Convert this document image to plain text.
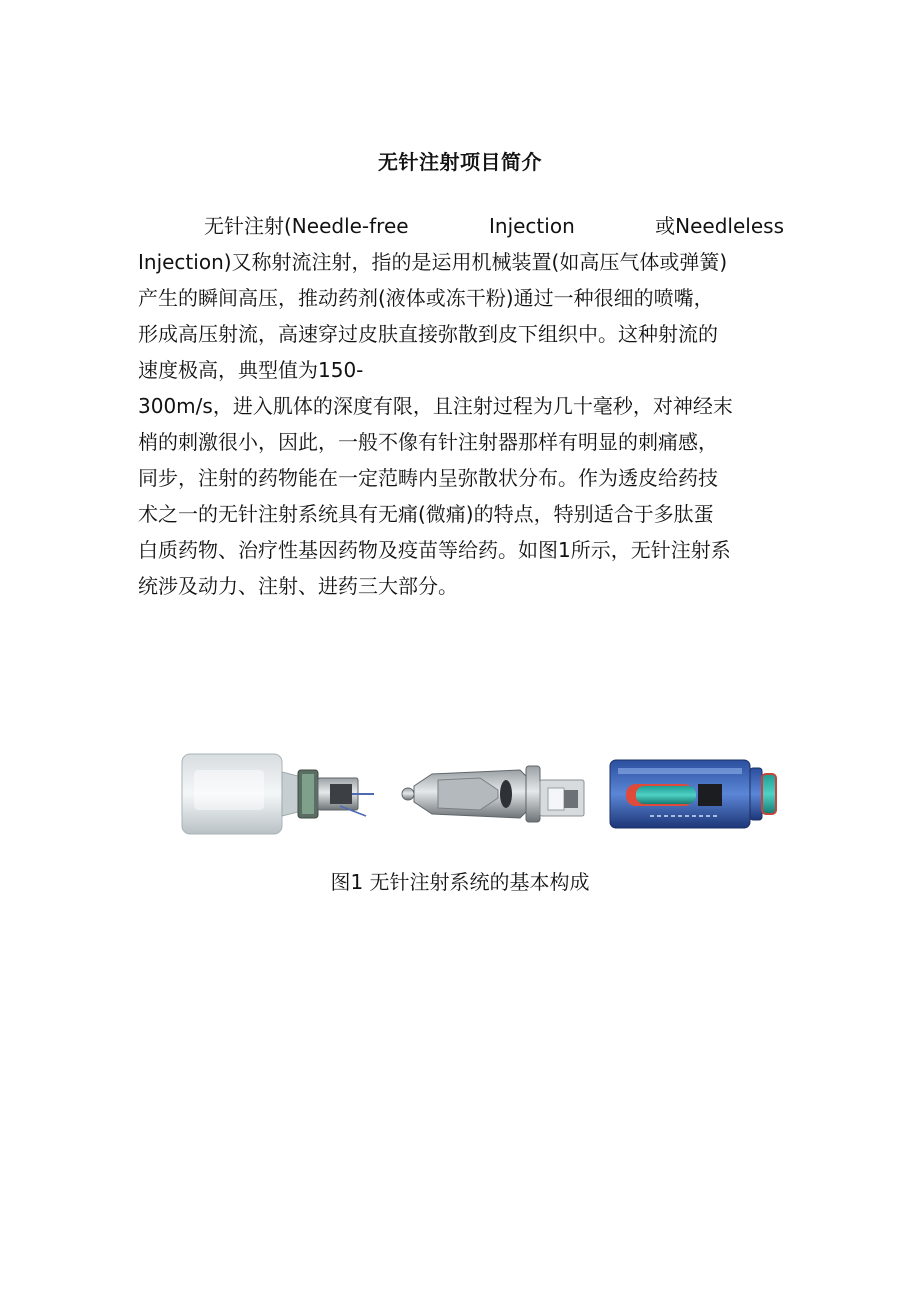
无针注射项目简介
无针注射(Needle-free	Injection	或Needleless
Injection)又称射流注射，指的是运用机械装置(如高压气体或弹簧)
产生的瞬间高压，推动药剂(液体或冻干粉)通过一种很细的喷嘴，
形成高压射流，高速穿过皮肤直接弥散到皮下组织中。这种射流的
速度极高，典型值为150-
300m/s，进入肌体的深度有限，且注射过程为几十毫秒，对神经末
梢的刺激很小，因此，一般不像有针注射器那样有明显的刺痛感，
同步，注射的药物能在一定范畴内呈弥散状分布。作为透皮给药技
术之一的无针注射系统具有无痛(微痛)的特点，特别适合于多肽蛋
白质药物、治疗性基因药物及疫苗等给药。如图1所示，无针注射系
统涉及动力、注射、进药三大部分。
图1 无针注射系统的基本构成
